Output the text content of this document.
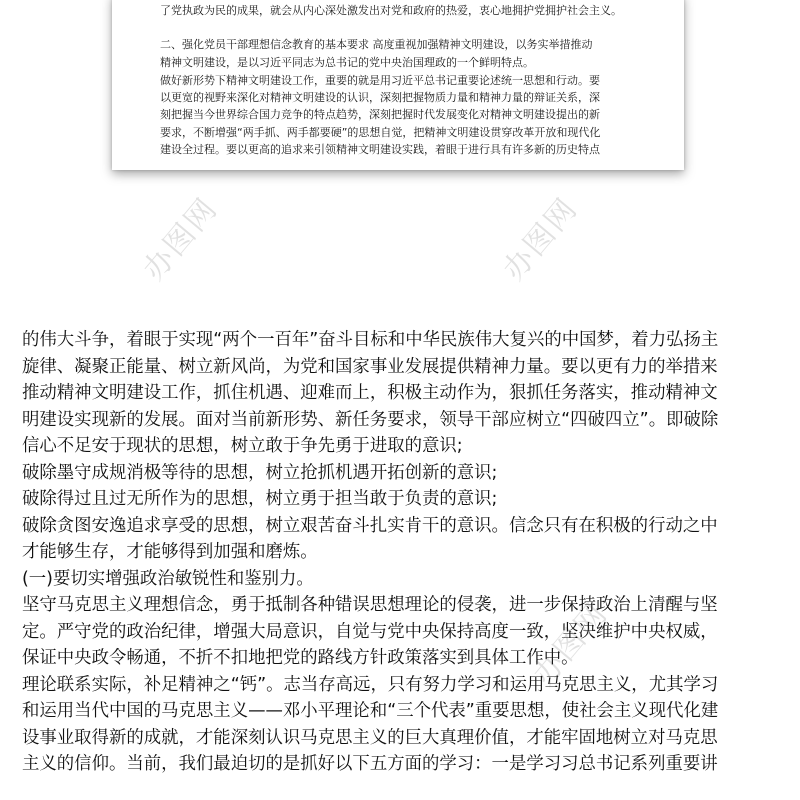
了党执政为民的成果，就会从内心深处激发出对党和政府的热爱，衷心地拥护党拥护社会主义。
二、强化党员干部理想信念教育的基本要求 高度重视加强精神文明建设，以务实举措推动
精神文明建设，是以习近平同志为总书记的党中央治国理政的一个鲜明特点。
做好新形势下精神文明建设工作，重要的就是用习近平总书记重要论述统一思想和行动。要
以更宽的视野来深化对精神文明建设的认识，深刻把握物质力量和精神力量的辩证关系，深
刻把握当今世界综合国力竞争的特点趋势，深刻把握时代发展变化对精神文明建设提出的新
要求，不断增强“两手抓、两手都要硬”的思想自觉，把精神文明建设贯穿改革开放和现代化
建设全过程。要以更高的追求来引领精神文明建设实践，着眼于进行具有许多新的历史特点
办图网	办图网
办图网
的伟大斗争，着眼于实现“两个一百年”奋斗目标和中华民族伟大复兴的中国梦，着力弘扬主
旋律、凝聚正能量、树立新风尚，为党和国家事业发展提供精神力量。要以更有力的举措来
推动精神文明建设工作，抓住机遇、迎难而上，积极主动作为，狠抓任务落实，推动精神文
明建设实现新的发展。面对当前新形势、新任务要求，领导干部应树立“四破四立”。即破除
信心不足安于现状的思想，树立敢于争先勇于进取的意识;
破除墨守成规消极等待的思想，树立抢抓机遇开拓创新的意识;
破除得过且过无所作为的思想，树立勇于担当敢于负责的意识;
破除贪图安逸追求享受的思想，树立艰苦奋斗扎实肯干的意识。信念只有在积极的行动之中
才能够生存，才能够得到加强和磨炼。
(一)要切实增强政治敏锐性和鉴别力。
坚守马克思主义理想信念，勇于抵制各种错误思想理论的侵袭，进一步保持政治上清醒与坚
定。严守党的政治纪律，增强大局意识，自觉与党中央保持高度一致，坚决维护中央权威，
保证中央政令畅通，不折不扣地把党的路线方针政策落实到具体工作中。
理论联系实际，补足精神之“钙”。志当存高远，只有努力学习和运用马克思主义，尤其学习
和运用当代中国的马克思主义——邓小平理论和“三个代表”重要思想，使社会主义现代化建
设事业取得新的成就，才能深刻认识马克思主义的巨大真理价值，才能牢固地树立对马克思
主义的信仰。当前，我们最迫切的是抓好以下五方面的学习：一是学习习总书记系列重要讲
